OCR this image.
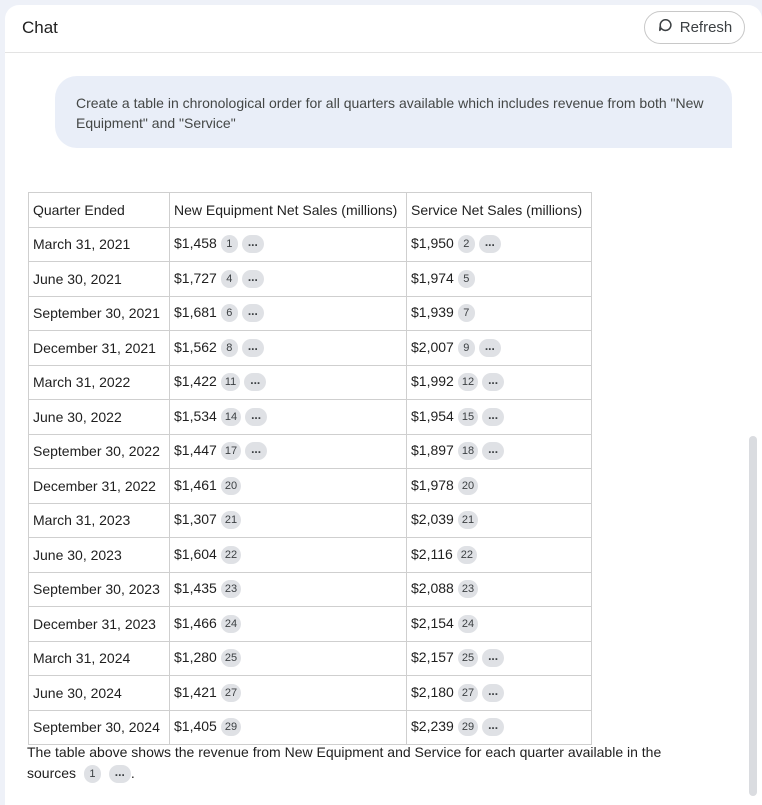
Chat	Refresh
Create a table in chronological order for all quarters available which includes revenue from both "New Equipment" and "Service"
Quarter Ended	New Equipment Net Sales (millions)	Service Net Sales (millions)
March 31, 2021	$1,458 1 ...	$1,950 2 ...
June 30, 2021	$1,727 4 ...	$1,974 5
September 30, 2021	$1,681 6 ...	$1,939 7
December 31, 2021	$1,562 8 ...	$2,007 9 ...
March 31, 2022	$1,422 11 ...	$1,992 12 ...
June 30, 2022	$1,534 14 ...	$1,954 15 ...
September 30, 2022	$1,447 17 ...	$1,897 18 ...
December 31, 2022	$1,461 20	$1,978 20
March 31, 2023	$1,307 21	$2,039 21
June 30, 2023	$1,604 22	$2,116 22
September 30, 2023	$1,435 23	$2,088 23
December 31, 2023	$1,466 24	$2,154 24
March 31, 2024	$1,280 25	$2,157 25 ...
June 30, 2024	$1,421 27	$2,180 27 ...
September 30, 2024	$1,405 29	$2,239 29 ...
The table above shows the revenue from New Equipment and Service for each quarter available in the sources 1 ... .
